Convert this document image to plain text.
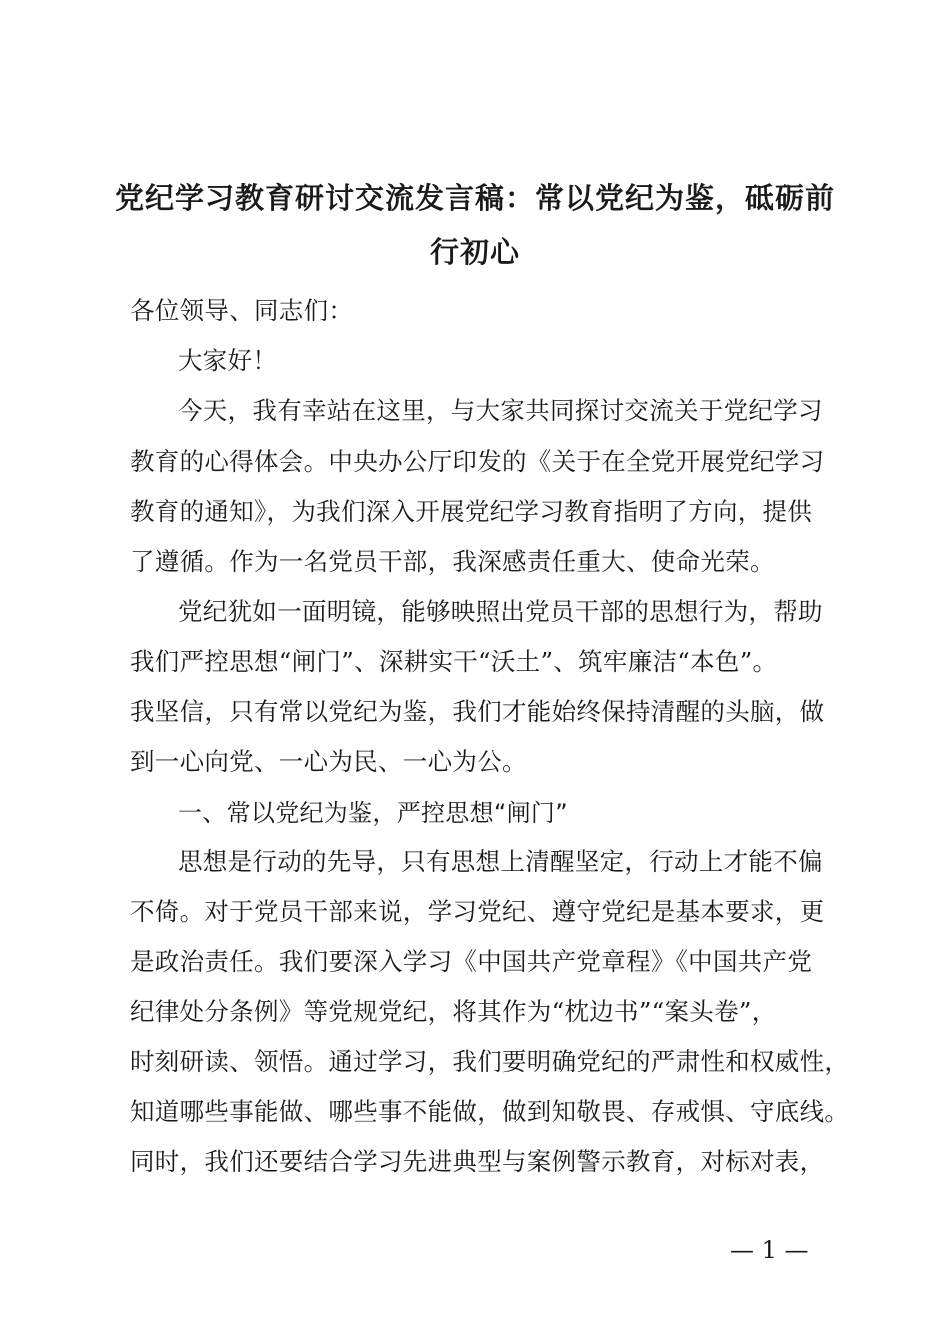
党纪学习教育研讨交流发言稿：常以党纪为鉴，砥砺前
行初心
各位领导、同志们：
大家好！
今天，我有幸站在这里，与大家共同探讨交流关于党纪学习
教育的心得体会。中央办公厅印发的《关于在全党开展党纪学习
教育的通知》，为我们深入开展党纪学习教育指明了方向，提供
了遵循。作为一名党员干部，我深感责任重大、使命光荣。
党纪犹如一面明镜，能够映照出党员干部的思想行为，帮助
我们严控思想“闸门”、深耕实干“沃土”、筑牢廉洁“本色”。
我坚信，只有常以党纪为鉴，我们才能始终保持清醒的头脑，做
到一心向党、一心为民、一心为公。
一、常以党纪为鉴，严控思想“闸门”
思想是行动的先导，只有思想上清醒坚定，行动上才能不偏
不倚。对于党员干部来说，学习党纪、遵守党纪是基本要求，更
是政治责任。我们要深入学习《中国共产党章程》《中国共产党
纪律处分条例》等党规党纪，将其作为“枕边书”“案头卷”，
时刻研读、领悟。通过学习，我们要明确党纪的严肃性和权威性，
知道哪些事能做、哪些事不能做，做到知敬畏、存戒惧、守底线。
同时，我们还要结合学习先进典型与案例警示教育，对标对表，
— 1 —
